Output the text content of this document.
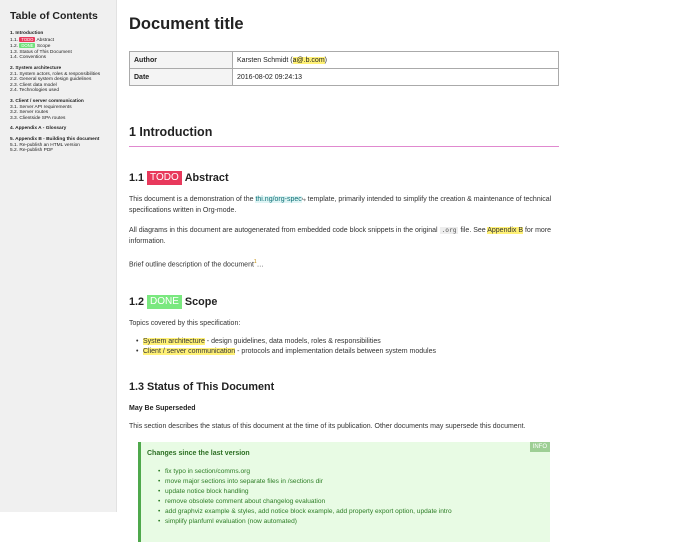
Table of Contents
1. Introduction
1.1. TODO Abstract
1.2. DONE Scope
1.3. Status of This Document
1.4. Conventions
2. System architecture
2.1. System actors, roles & responsibilities
2.2. General system design guidelines
2.3. Client data model
2.4. Technologies used
3. Client / server communication
3.1. Server API requirements
3.2. Server routes
3.3. Clientside SPA routes
4. Appendix A - Glossary
5. Appendix B - Building this document
5.1. Re-publish an HTML version
5.2. Re-publish PDF
Document title
Author	Karsten Schmidt (a@.b.com)
Date	2016-08-02 09:24:13
1 Introduction
1.1 TODO Abstract

This document is a demonstration of the thi.ng/org-spec⤷ template, primarily intended to simplify the creation & maintenance of technical specifications written in Org-mode.

All diagrams in this document are autogenerated from embedded code block snippets in the original .org file. See Appendix B for more information.

Brief outline description of the document$^1$…

1.2 DONE Scope

Topics covered by this specification:

• System architecture - design guidelines, data models, roles & responsibilities
• Client / server communication - protocols and implementation details between system modules
1.3 Status of This Document
May Be Superseded

This section describes the status of this document at the time of its publication. Other documents may supersede this document.

INFO
Changes since the last version
• fix typo in section/comms.org
• move major sections into separate files in /sections dir
• update notice block handling
• remove obsolete comment about changelog evaluation
• add graphviz example & styles, add notice block example, add property export option, update intro
• simplify planfuml evaluation (now automated)
